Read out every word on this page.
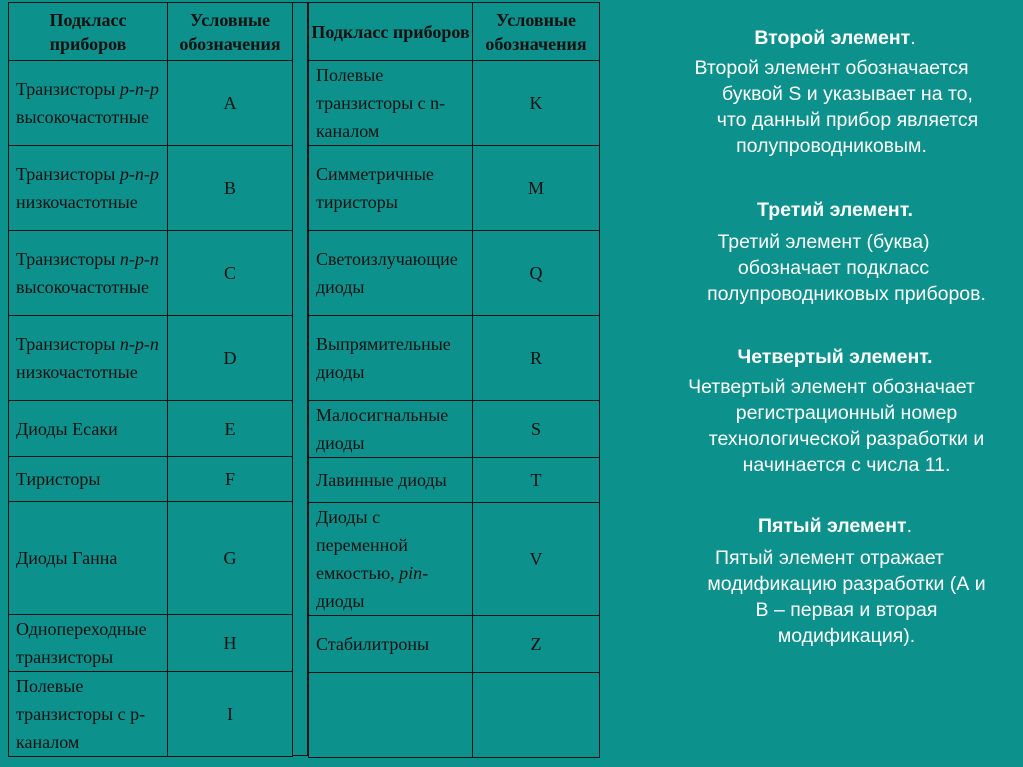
Подкласс приборов	Условные обозначения
Транзисторы p-n-p высокочастотные	A
Транзисторы p-n-p низкочастотные	B
Транзисторы n-p-n высокочастотные	C
Транзисторы n-p-n низкочастотные	D
Диоды Есаки	E
Тиристоры	F
Диоды Ганна	G
Однопереходные транзисторы	H
Полевые транзисторы с р-каналом	I
Подкласс приборов	Условные обозначения
Полевые транзисторы с n-каналом	K
Симметричные тиристоры	M
Светоизлучающие диоды	Q
Выпрямительные диоды	R
Малосигнальные диоды	S
Лавинные диоды	T
Диоды с переменной емкостью, pin-диоды	V
Стабилитроны	Z

Второй элемент.

Второй элемент обозначается
буквой S и указывает на то,
что данный прибор является
полупроводниковым.

Третий элемент.

Третий элемент (буква)
обозначает подкласс
полупроводниковых приборов.

Четвертый элемент.

Четвертый элемент обозначает
регистрационный номер
технологической разработки и
начинается с числа 11.

Пятый элемент.

Пятый элемент отражает
модификацию разработки (А и
В – первая и вторая
модификация).
